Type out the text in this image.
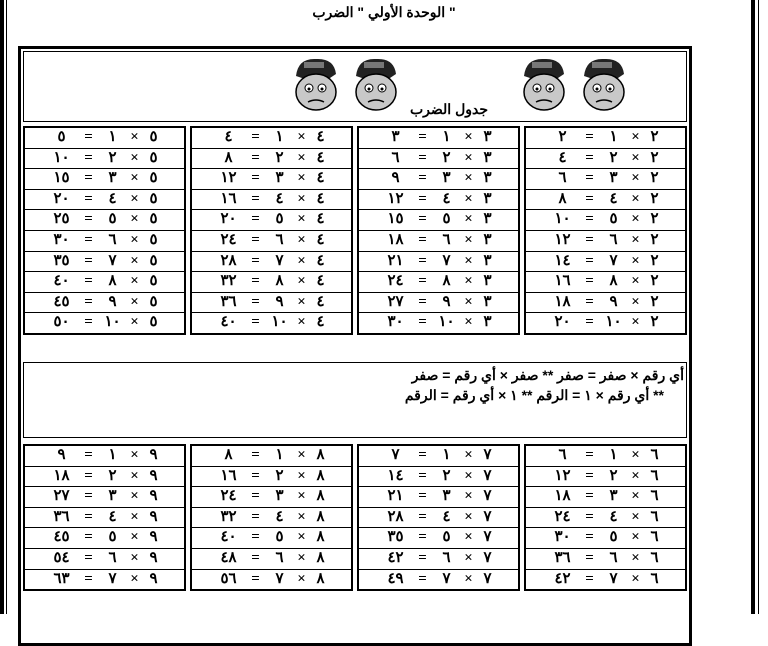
الوحدة الأولي " الضرب "
جدول الضرب
٢
×
١
=
٢
٢
×
٢
=
٤
٢
×
٣
=
٦
٢
×
٤
=
٨
٢
×
٥
=
١٠
٢
×
٦
=
١٢
٢
×
٧
=
١٤
٢
×
٨
=
١٦
٢
×
٩
=
١٨
٢
×
١٠
=
٢٠
٣
×
١
=
٣
٣
×
٢
=
٦
٣
×
٣
=
٩
٣
×
٤
=
١٢
٣
×
٥
=
١٥
٣
×
٦
=
١٨
٣
×
٧
=
٢١
٣
×
٨
=
٢٤
٣
×
٩
=
٢٧
٣
×
١٠
=
٣٠
٤
×
١
=
٤
٤
×
٢
=
٨
٤
×
٣
=
١٢
٤
×
٤
=
١٦
٤
×
٥
=
٢٠
٤
×
٦
=
٢٤
٤
×
٧
=
٢٨
٤
×
٨
=
٣٢
٤
×
٩
=
٣٦
٤
×
١٠
=
٤٠
٥
×
١
=
٥
٥
×
٢
=
١٠
٥
×
٣
=
١٥
٥
×
٤
=
٢٠
٥
×
٥
=
٢٥
٥
×
٦
=
٣٠
٥
×
٧
=
٣٥
٥
×
٨
=
٤٠
٥
×
٩
=
٤٥
٥
×
١٠
=
٥٠
أي رقم × صفر = صفر ** صفر × أي رقم = صفر
** أي رقم × ١ = الرقم ** ١ × أي رقم = الرقم
٦
×
١
=
٦
٦
×
٢
=
١٢
٦
×
٣
=
١٨
٦
×
٤
=
٢٤
٦
×
٥
=
٣٠
٦
×
٦
=
٣٦
٦
×
٧
=
٤٢
٧
×
١
=
٧
٧
×
٢
=
١٤
٧
×
٣
=
٢١
٧
×
٤
=
٢٨
٧
×
٥
=
٣٥
٧
×
٦
=
٤٢
٧
×
٧
=
٤٩
٨
×
١
=
٨
٨
×
٢
=
١٦
٨
×
٣
=
٢٤
٨
×
٤
=
٣٢
٨
×
٥
=
٤٠
٨
×
٦
=
٤٨
٨
×
٧
=
٥٦
٩
×
١
=
٩
٩
×
٢
=
١٨
٩
×
٣
=
٢٧
٩
×
٤
=
٣٦
٩
×
٥
=
٤٥
٩
×
٦
=
٥٤
٩
×
٧
=
٦٣
